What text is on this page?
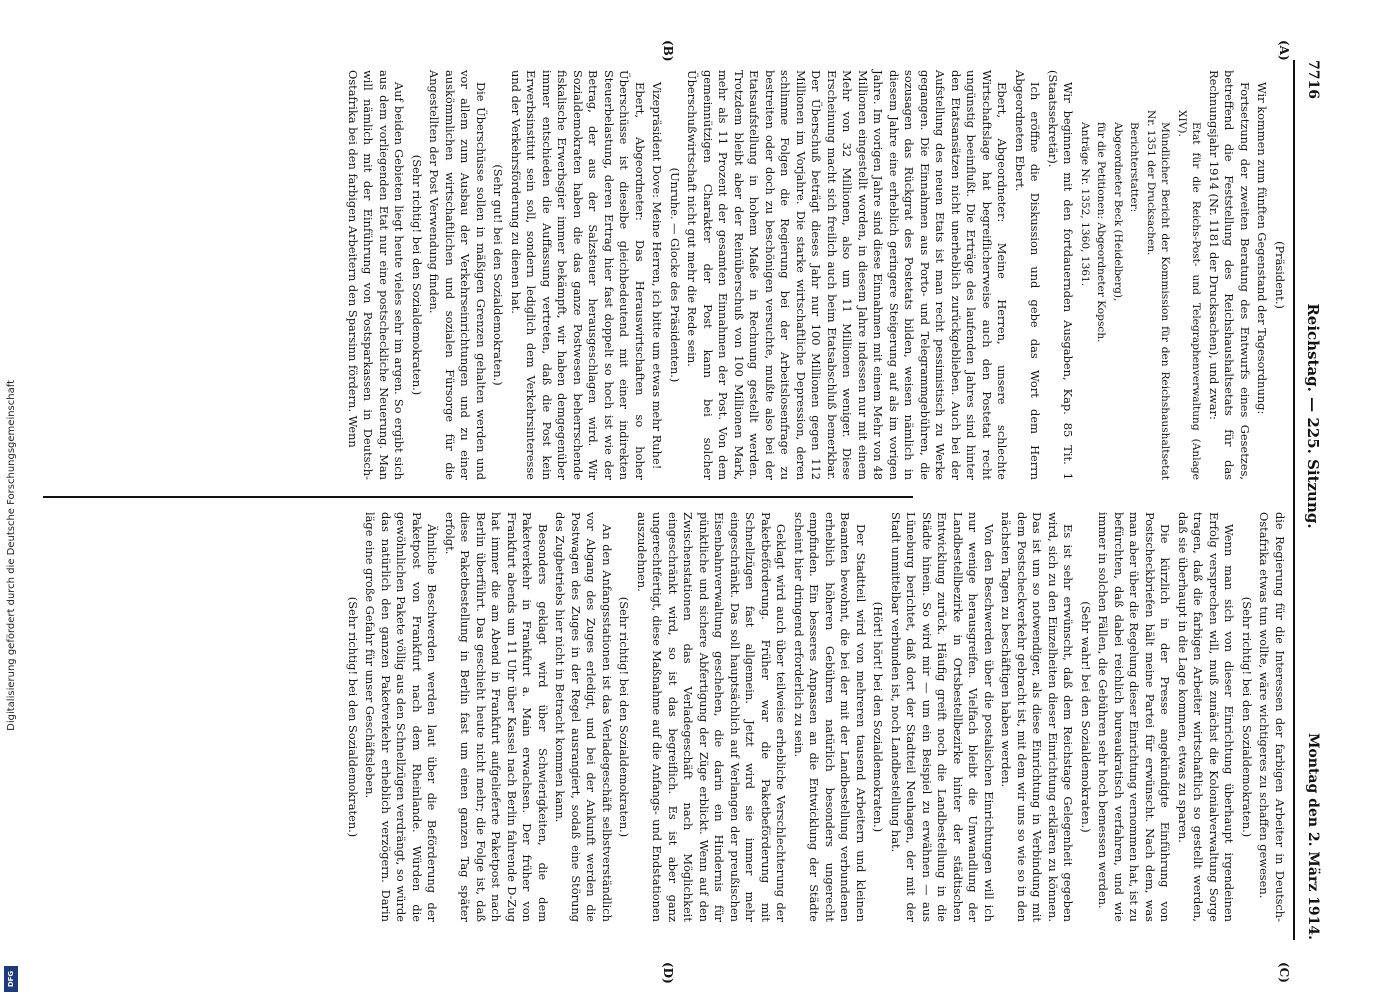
7716
Reichstag. — 225. Sitzung.
Montag den 2. März 1914.
(A)
(B)
(C)
(D)

(Präsident.)

Wir kommen zum fünften Gegenstand der Tagesordnung:

Fortsetzung der zweiten Beratung des Entwurfs eines Gesetzes, betreffend die Feststellung des Reichshaushaltsetats für das Rechnungsjahr 1914 (Nr. 1181 der Drucksachen), und zwar:

Etat für die Reichs-Post- und Telegraphenverwaltung (Anlage XIV).

Mündlicher Bericht der Kommission für den Reichshaushaltsetat Nr. 1351 der Drucksachen.

Berichterstatter:

Abgeordneter Beck (Heidelberg),

für die Petitionen: Abgeordneter Kopsch.

Anträge Nr. 1352, 1360, 1361.

Wir beginnen mit den fortdauernden Ausgaben, Kap. 85 Tit. 1 (Staatssekretär).

Ich eröffne die Diskussion und gebe das Wort dem Herrn Abgeordneten Ebert.

Ebert, Abgeordneter: Meine Herren, unsere schlechte Wirtschaftslage hat begreiflicherweise auch den Postetat recht ungünstig beeinflußt. Die Erträge des laufenden Jahres sind hinter den Etatsansätzen nicht unerheblich zurückgeblieben. Auch bei der Aufstellung des neuen Etats ist man recht pessimistisch zu Werke gegangen. Die Einnahmen aus Porto- und Telegrammgebühren, die sozusagen das Rückgrat des Postetats bilden, weisen nämlich in diesem Jahre eine erheblich geringere Steigerung auf als im vorigen Jahre. Im vorigen Jahre sind diese Einnahmen mit einem Mehr von 48 Millionen eingestellt worden, in diesem Jahre indessen nur mit einem Mehr von 32 Millionen, also um 11 Millionen weniger. Diese Erscheinung macht sich freilich auch beim Etatsabschluß bemerkbar. Der Überschuß beträgt dieses Jahr nur 100 Millionen gegen 112 Millionen im Vorjahre. Die starke wirtschaftliche Depression, deren schlimme Folgen die Regierung bei der Arbeitslosenfrage zu bestreiten oder doch zu beschönigen versuchte, mußte also bei der Etatsaufstellung in hohem Maße in Rechnung gestellt werden. Trotzdem bleibt aber der Reinüberschuß von 100 Millionen Mark, mehr als 11 Prozent der gesamten Einnahmen der Post. Von dem gemeinnützigen Charakter der Post kann bei solcher Überschußwirtschaft nicht gut mehr die Rede sein.

(Unruhe. — Glocke des Präsidenten.)

Vizepräsident Dove: Meine Herren, ich bitte um etwas mehr Ruhe!

Ebert, Abgeordneter: Das Herauswirtschaften so hoher Überschüsse ist dieselbe gleichbedeutend mit einer indirekten Steuerbelastung, deren Ertrag hier fast doppelt so hoch ist wie der Betrag, der aus der Salzsteuer herausgeschlagen wird. Wir Sozialdemokraten haben die das ganze Postwesen beherrschende fiskalische Erwerbsgier immer bekämpft, wir haben demgegenüber immer entschieden die Auffassung vertreten, daß die Post kein Erwerbsinstitut sein soll, sondern lediglich dem Verkehrsinteresse und der Verkehrsförderung zu dienen hat.

(Sehr gut! bei den Sozialdemokraten.)

Die Überschüsse sollen in mäßigen Grenzen gehalten werden und vor allem zum Ausbau der Verkehrseinrichtungen und zu einer auskömmlichen wirtschaftlichen und sozialen Fürsorge für die Angestellten der Post Verwendung finden.

(Sehr richtig! bei den Sozialdemokraten.)

Auf beiden Gebieten liegt heute vieles sehr im argen. So ergibt sich aus dem vorliegenden Etat nur eine postscheckliche Neuerung. Man will nämlich mit der Einführung von Postsparkassen in Deutsch-Ostafrika bei den farbigen Arbeitern den Sparsinn fördern. Wenn

die Regierung für die Interessen der farbigen Arbeiter in Deutsch-Ostafrika etwas tun wollte, wäre wichtigeres zu schaffen gewesen.

(Sehr richtig! bei den Sozialdemokraten.)

Wenn man sich von dieser Einrichtung überhaupt irgendeinen Erfolg versprechen will, muß zunächst die Kolonialverwaltung Sorge tragen, daß die farbigen Arbeiter wirtschaftlich so gestellt werden, daß sie überhaupt in die Lage kommen, etwas zu sparen.

Die kürzlich in der Presse angekündigte Einführung von Postscheckbriefen hält meine Partei für erwünscht. Nach dem, was man aber über die Regelung dieser Einrichtung vernommen hat, ist zu befürchten, daß dabei reichlich bureaukratisch verfahren, und wie immer in solchen Fällen, die Gebühren sehr hoch bemessen werden.

(Sehr wahr! bei den Sozialdemokraten.)

Es ist sehr erwünscht, daß dem Reichstage Gelegenheit gegeben wird, sich zu den Einzelheiten dieser Einrichtung erklären zu können. Das ist um so notwendiger, als diese Einrichtung in Verbindung mit dem Postscheckverkehr gebracht ist, mit dem wir uns so wie so in den nächsten Tagen zu beschäftigen haben werden.

Von den Beschwerden über die postalischen Einrichtungen will ich nur wenige herausgreifen. Vielfach bleibt die Umwandlung der Landbestellbezirke in Ortsbestellbezirke hinter der städtischen Entwicklung zurück. Häufig greift noch die Landbestellung in die Städte hinein. So wird mir — um ein Beispiel zu erwähnen — aus Lüneburg berichtet, daß dort der Stadtteil Neuhagen, der mit der Stadt unmittelbar verbunden ist, noch Landbestellung hat.

(Hört! hört! bei den Sozialdemokraten.)

Der Stadtteil wird von mehreren tausend Arbeitern und kleinen Beamten bewohnt, die bei der mit der Landbestellung verbundenen erheblich höheren Gebühren natürlich besonders ungerecht empfinden. Ein besseres Anpassen an die Entwicklung der Städte scheint hier dringend erforderlich zu sein.

Geklagt wird auch über teilweise erhebliche Verschlechterung der Paketbeförderung. Früher war die Paketbeförderung mit Schnellzügen fast allgemein. Jetzt wird sie immer mehr eingeschränkt. Das soll hauptsächlich auf Verlangen der preußischen Eisenbahnverwaltung geschehen, die darin ein Hindernis für pünktliche und sichere Abfertigung der Züge erblickt. Wenn auf den Zwischenstationen das Verladegeschäft nach Möglichkeit eingeschränkt wird, so ist das begreiflich. Es ist aber ganz ungerechtfertigt, diese Maßnahme auf die Anfangs- und Endstationen auszudehnen.

(Sehr richtig! bei den Sozialdemokraten.)

An den Anfangsstationen ist das Verladegeschäft selbstverständlich vor Abgang des Zuges erledigt, und bei der Ankunft werden die Postwagen des Zuges in der Regel ausrangiert, sodaß eine Störung des Zugbetriebs hier nicht in Betracht kommen kann.

Besonders geklagt wird über Schwierigkeiten, die dem Paketverkehr in Frankfurt a. Main erwachsen. Der früher von Frankfurt abends um 11 Uhr über Kassel nach Berlin fahrende D-Zug hat immer die am Abend in Frankfurt aufgelieferte Paketpost nach Berlin überführt. Das geschieht heute nicht mehr; die Folge ist, daß diese Paketbestellung in Berlin fast um einen ganzen Tag später erfolgt.

Ähnliche Beschwerden werden laut über die Beförderung der Paketpost von Frankfurt nach dem Rheinlande. Würden die gewöhnlichen Pakete völlig aus den Schnellzügen verdrängt, so würde das natürlich den ganzen Paketverkehr erheblich verzögern. Darin läge eine große Gefahr für unser Geschäftsleben.

(Sehr richtig! bei den Sozialdemokraten.)

Digitalisierung gefördert durch die Deutsche Forschungsgemeinschaft
DFG
